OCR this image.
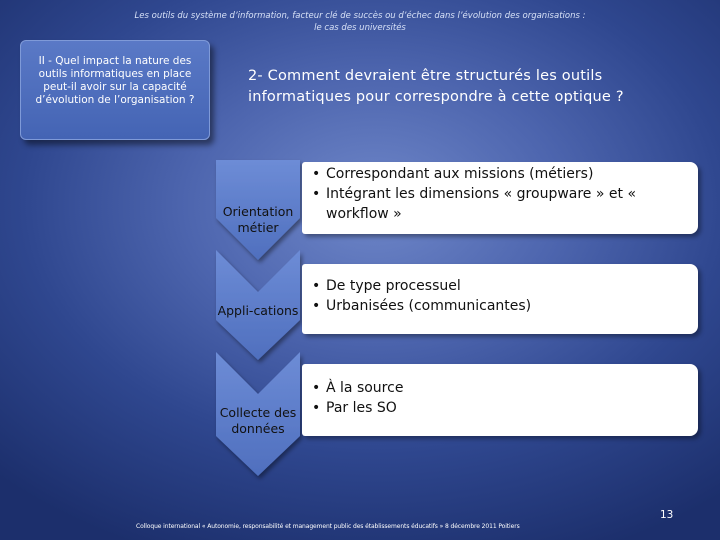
Les outils du système d’information, facteur clé de succès ou d’échec dans l’évolution des organisations :
le cas des universités
II - Quel impact la nature des outils informatiques en place peut-il avoir sur la capacité d’évolution de l’organisation ?
2- Comment devraient être structurés les outils informatiques pour correspondre à cette optique ?
• Correspondant aux missions (métiers)
• Intégrant les dimensions « groupware » et « workflow »
Orientation métier
• De type processuel
• Urbanisées (communicantes)
Appli-cations
• À la source
• Par les SO
Collecte des données
13
Colloque international « Autonomie, responsabilité et management public des établissements éducatifs » 8 décembre 2011 Poitiers
